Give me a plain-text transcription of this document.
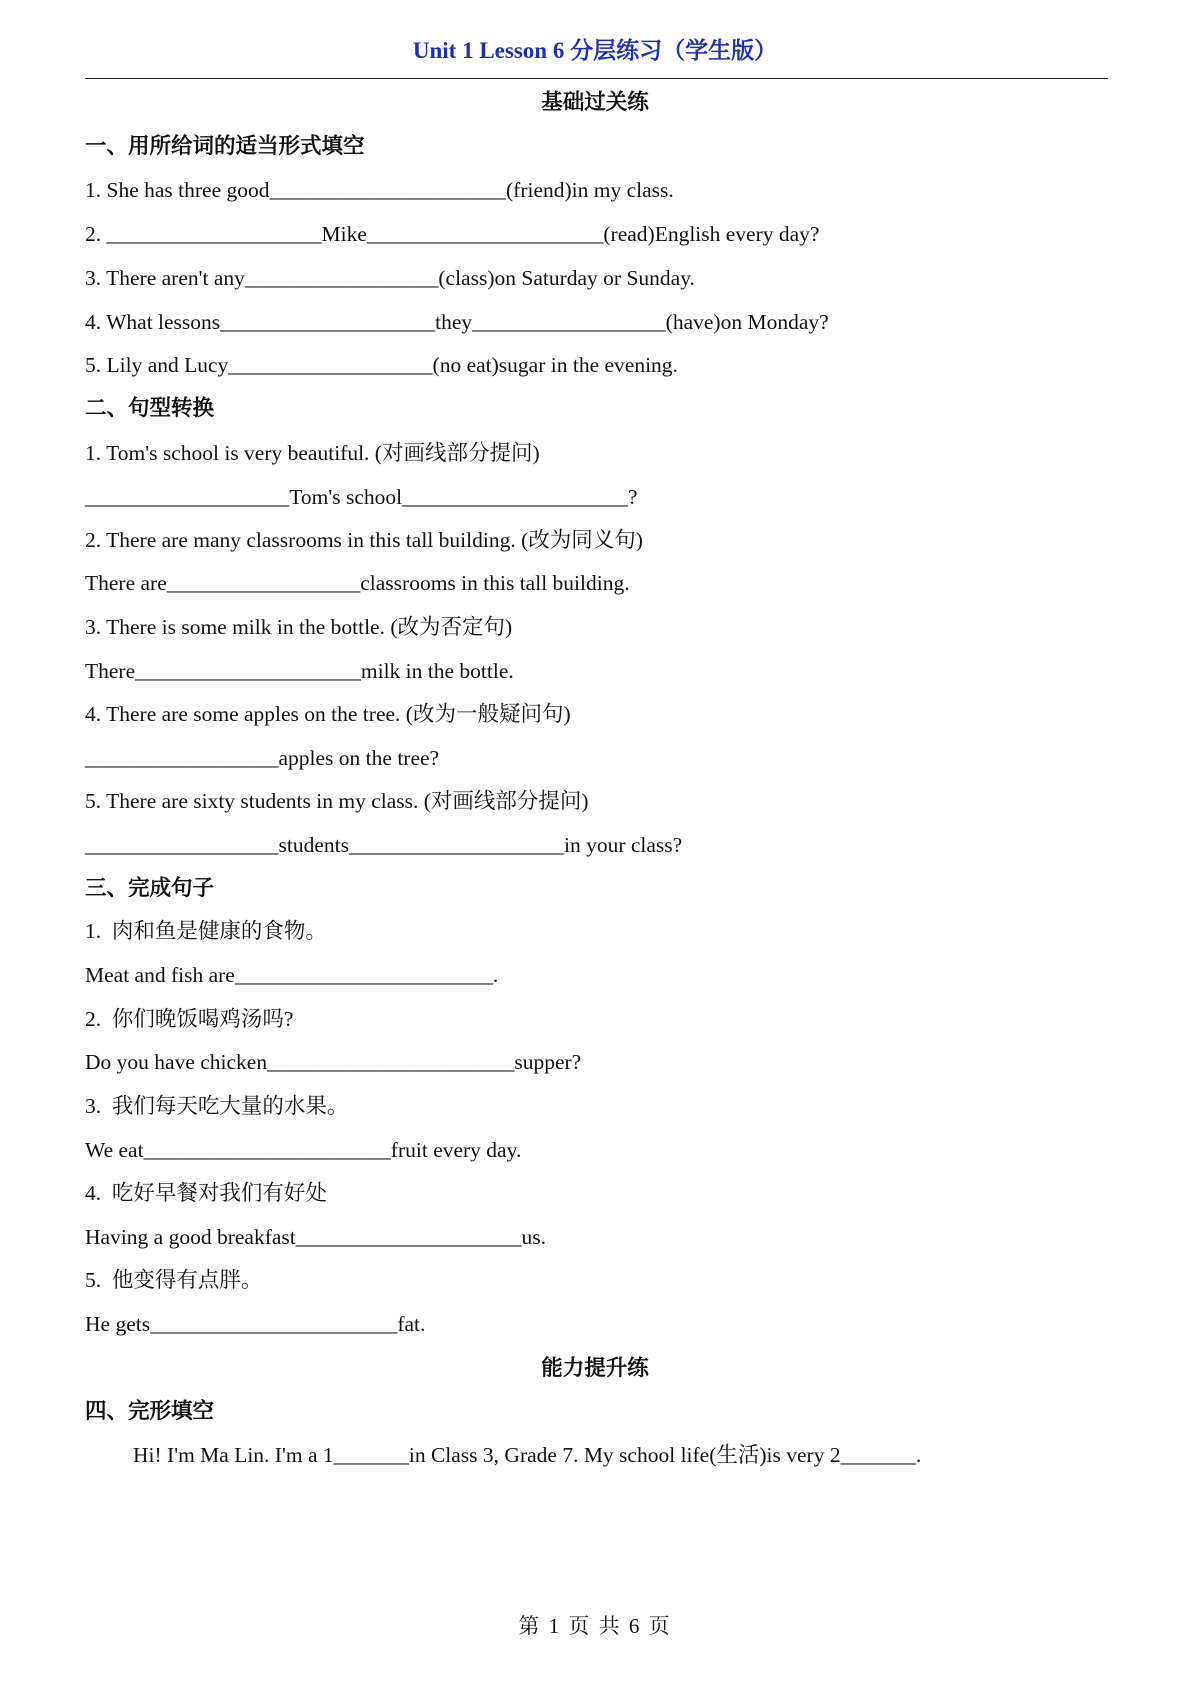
Unit 1 Lesson 6 分层练习（学生版）
基础过关练
一、用所给词的适当形式填空
1. She has three good______________________(friend)in my class.
2. ____________________Mike______________________(read)English every day?
3. There aren't any__________________(class)on Saturday or Sunday.
4. What lessons____________________they__________________(have)on Monday?
5. Lily and Lucy___________________(no eat)sugar in the evening.
二、句型转换
1. Tom's school is very beautiful. (对画线部分提问)
___________________Tom's school_____________________?
2. There are many classrooms in this tall building. (改为同义句)
There are__________________classrooms in this tall building.
3. There is some milk in the bottle. (改为否定句)
There_____________________milk in the bottle.
4. There are some apples on the tree. (改为一般疑问句)
__________________apples on the tree?
5. There are sixty students in my class. (对画线部分提问)
__________________students____________________in your class?
三、完成句子
1.  肉和鱼是健康的食物。
Meat and fish are________________________.
2.  你们晚饭喝鸡汤吗?
Do you have chicken_______________________supper?
3.  我们每天吃大量的水果。
We eat_______________________fruit every day.
4.  吃好早餐对我们有好处
Having a good breakfast_____________________us.
5.  他变得有点胖。
He gets_______________________fat.
能力提升练
四、完形填空
Hi! I'm Ma Lin. I'm a 1_______in Class 3, Grade 7. My school life(生活)is very 2_______.
第 1 页 共 6 页
